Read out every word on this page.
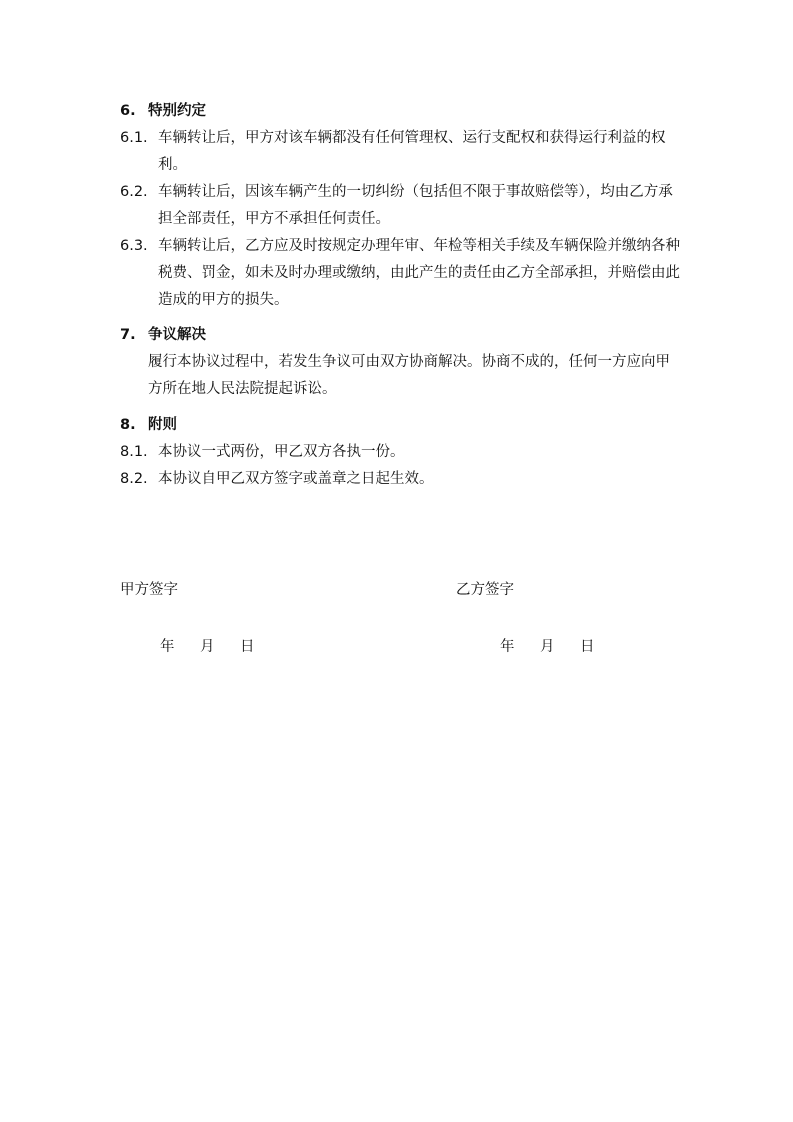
6. 特别约定
6.1. 车辆转让后，甲方对该车辆都没有任何管理权、运行支配权和获得运行利益的权利。
6.2. 车辆转让后，因该车辆产生的一切纠纷（包括但不限于事故赔偿等），均由乙方承担全部责任，甲方不承担任何责任。
6.3. 车辆转让后，乙方应及时按规定办理年审、年检等相关手续及车辆保险并缴纳各种税费、罚金，如未及时办理或缴纳，由此产生的责任由乙方全部承担，并赔偿由此造成的甲方的损失。
7. 争议解决
履行本协议过程中，若发生争议可由双方协商解决。协商不成的，任何一方应向甲方所在地人民法院提起诉讼。
8. 附则
8.1. 本协议一式两份，甲乙双方各执一份。
8.2. 本协议自甲乙双方签字或盖章之日起生效。
甲方签字	乙方签字
年	月	日	年	月	日
